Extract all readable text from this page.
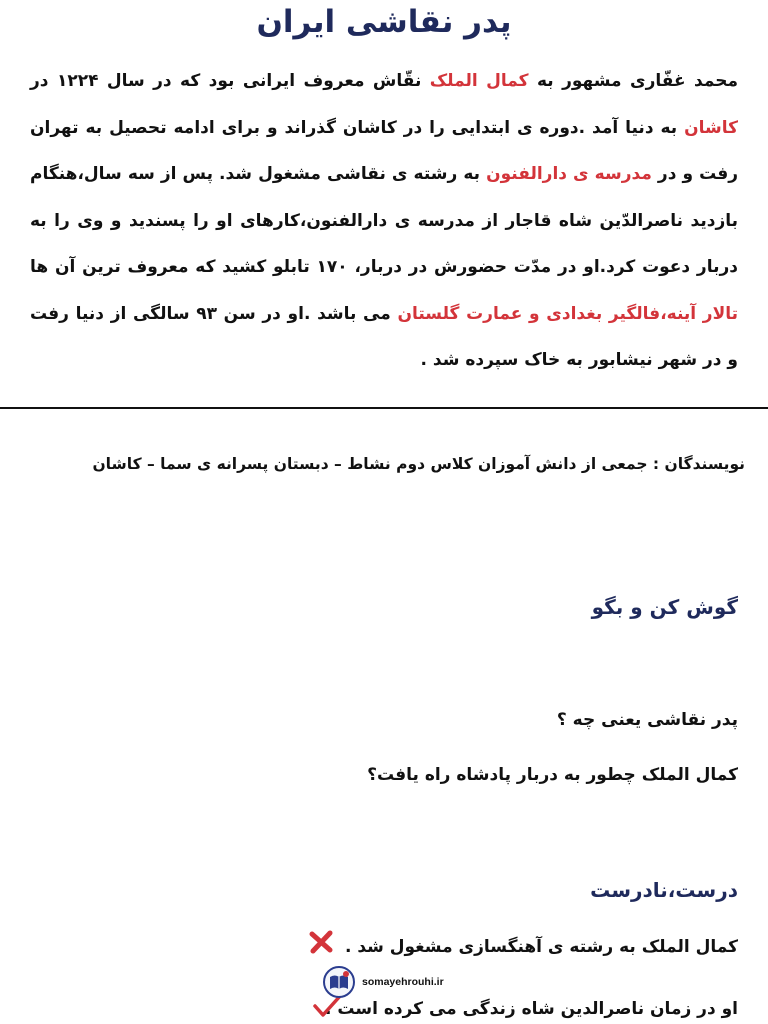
پدر نقاشی ایران

محمد غفّاری مشهور به کمال الملک نقّاش معروف ایرانی بود که در سال ۱۲۲۴ در کاشان به دنیا آمد .دوره ی ابتدایی را در کاشان گذراند و برای ادامه تحصیل به تهران رفت و در مدرسه ی دارالفنون به رشته ی نقاشی مشغول شد. پس از سه سال،هنگام بازدید ناصرالدّین شاه قاجار از مدرسه ی دارالفنون،کارهای او را پسندید و وی را به دربار دعوت کرد.او در مدّت حضورش در دربار، ۱۷۰ تابلو کشید که معروف ترین آن ها تالار آینه،فالگیر بغدادی و عمارت گلستان می باشد .او در سن ۹۳ سالگی از دنیا رفت و در شهر نیشابور به خاک سپرده شد .

نویسندگان : جمعی از دانش آموزان کلاس دوم نشاط – دبستان پسرانه ی سما – کاشان
گوش کن و بگو
پدر نقاشی یعنی چه ؟
کمال الملک چطور به دربار پادشاه راه یافت؟
درست،نادرست
کمال الملک به رشته ی آهنگسازی مشغول شد .
او در زمان ناصرالدین شاه زندگی می کرده است .
somayehrouhi.ir
